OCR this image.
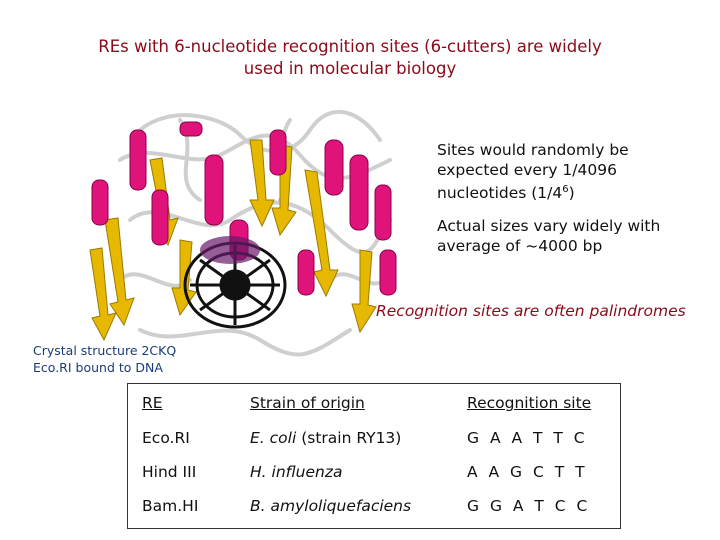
REs with 6-nucleotide recognition sites (6-cutters) are widely
used in molecular biology
Sites would randomly be
expected every 1/4096
nucleotides $(1/4^6)$
Actual sizes vary widely with
average of ~4000 bp
Recognition sites are often palindromes
Crystal structure 2CKQ
Eco.RI bound to DNA
RE	Strain of origin	Recognition site
Eco.RI	E. coli (strain RY13)	G A A T T C
Hind III	H. influenza	A A G C T T
Bam.HI	B. amyloliquefaciens	G G A T C C
